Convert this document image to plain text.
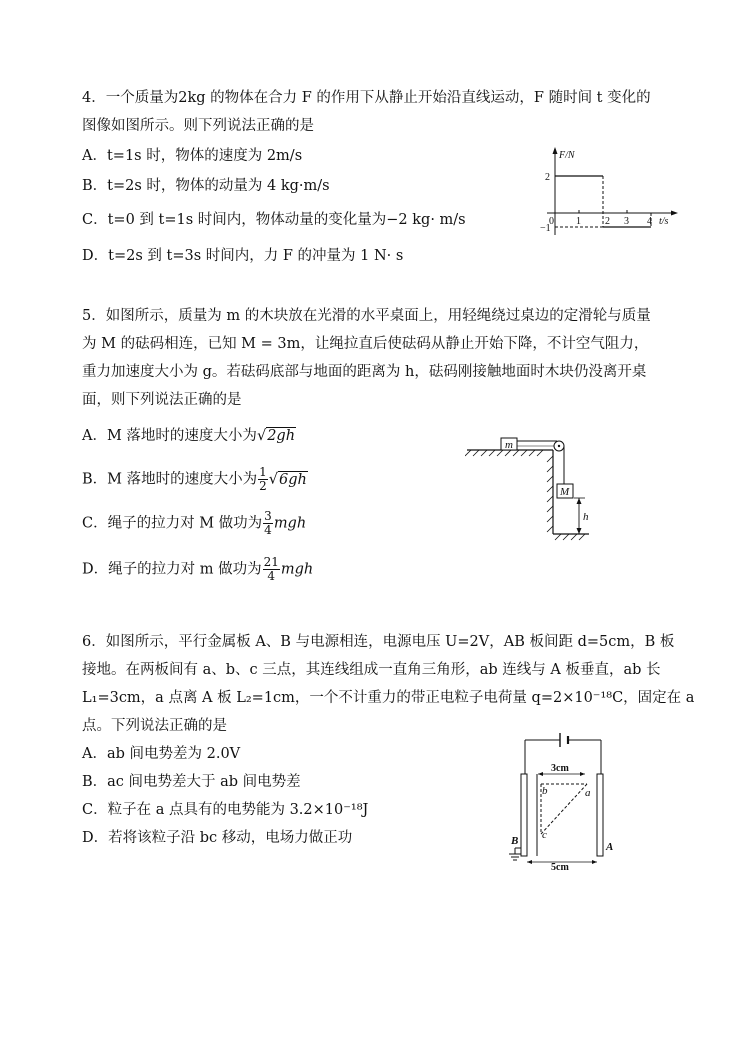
4．一个质量为2kg 的物体在合力 F 的作用下从静止开始沿直线运动，F 随时间 t 变化的
图像如图所示。则下列说法正确的是
A．t=1s 时，物体的速度为 2m/s
B．t=2s 时，物体的动量为 4 kg·m/s
C．t=0 到 t=1s 时间内，物体动量的变化量为−2 kg· m/s
D．t=2s 到 t=3s 时间内，力 F 的冲量为 1 N· s
F/N
2
−1
0 1 2 3 4 t/s
5．如图所示，质量为 m 的木块放在光滑的水平桌面上，用轻绳绕过桌边的定滑轮与质量
为 M 的砝码相连，已知 M = 3m，让绳拉直后使砝码从静止开始下降，不计空气阻力，
重力加速度大小为 g。若砝码底部与地面的距离为 h，砝码刚接触地面时木块仍没离开桌
面，则下列说法正确的是
A．M 落地时的速度大小为√2gh
B．M 落地时的速度大小为 $\frac{1}{2} √6gh$
C．绳子的拉力对 M 做功为 $\frac{3}{4}$ mgh
D．绳子的拉力对 m 做功为 $\frac{21}{4}$ mgh
m
M
h
6．如图所示，平行金属板 A、B 与电源相连，电源电压 U=2V，AB 板间距 d=5cm，B 板
接地。在两板间有 a、b、c 三点，其连线组成一直角三角形，ab 连线与 A 板垂直，ab 长
L₁=3cm，a 点离 A 板 L₂=1cm，一个不计重力的带正电粒子电荷量 q=2×10⁻¹⁸C，固定在 a
点。下列说法正确的是
A．ab 间电势差为 2.0V
B．ac 间电势差大于 ab 间电势差
C．粒子在 a 点具有的电势能为 3.2×10⁻¹⁸J
D．若将该粒子沿 bc 移动，电场力做正功
3cm
b	a
c
5cm
B	A
